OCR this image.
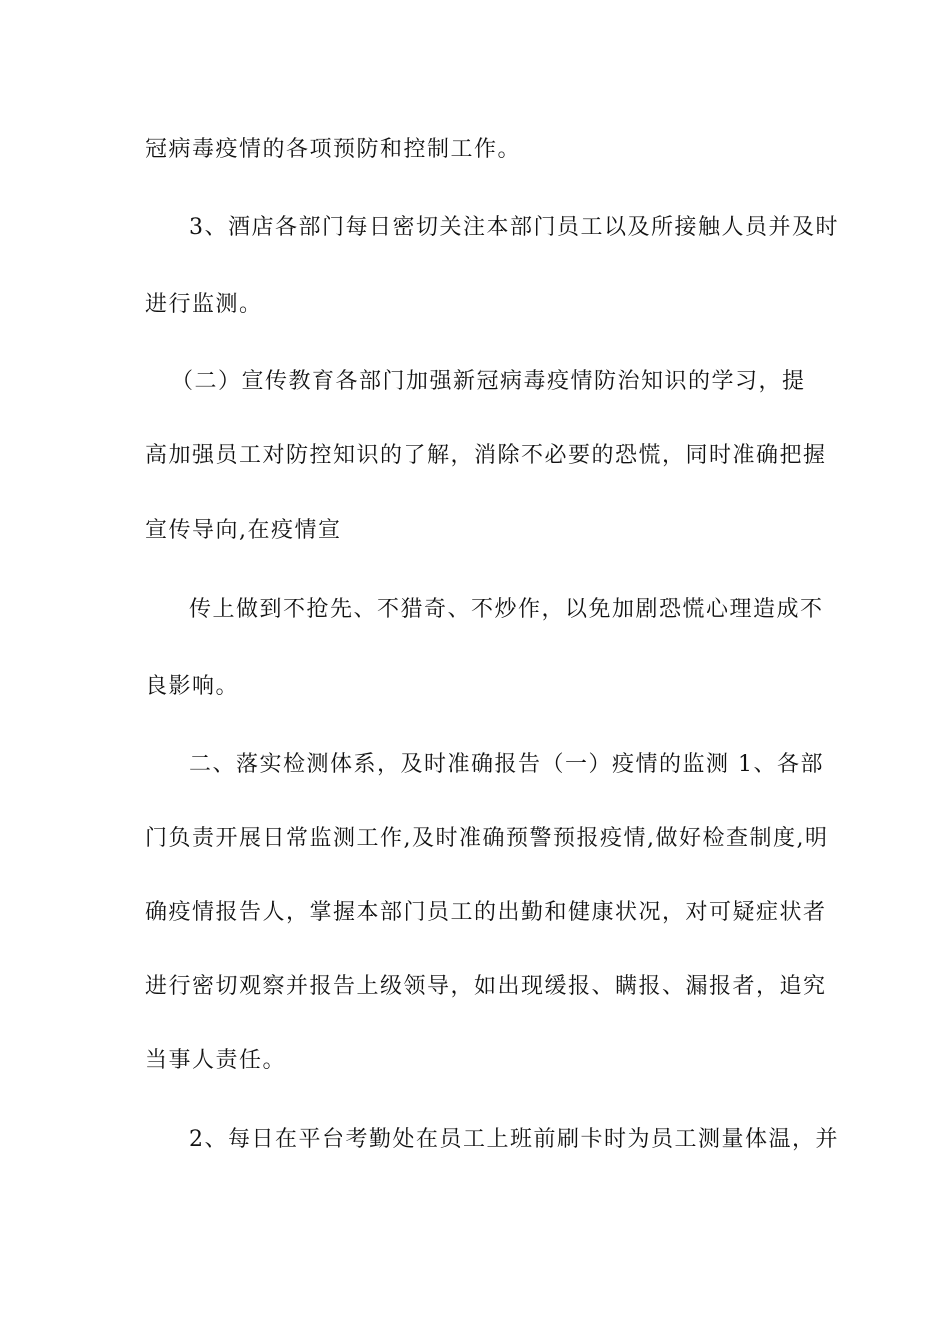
冠病毒疫情的各项预防和控制工作。
3、酒店各部门每日密切关注本部门员工以及所接触人员并及时
进行监测。
（二）宣传教育各部门加强新冠病毒疫情防治知识的学习，提
高加强员工对防控知识的了解，消除不必要的恐慌，同时准确把握
宣传导向,在疫情宣
传上做到不抢先、不猎奇、不炒作，以免加剧恐慌心理造成不
良影响。
二、落实检测体系，及时准确报告（一）疫情的监测 1、各部
门负责开展日常监测工作,及时准确预警预报疫情,做好检查制度,明
确疫情报告人，掌握本部门员工的出勤和健康状况，对可疑症状者
进行密切观察并报告上级领导，如出现缓报、瞒报、漏报者，追究
当事人责任。
2、每日在平台考勤处在员工上班前刷卡时为员工测量体温，并
